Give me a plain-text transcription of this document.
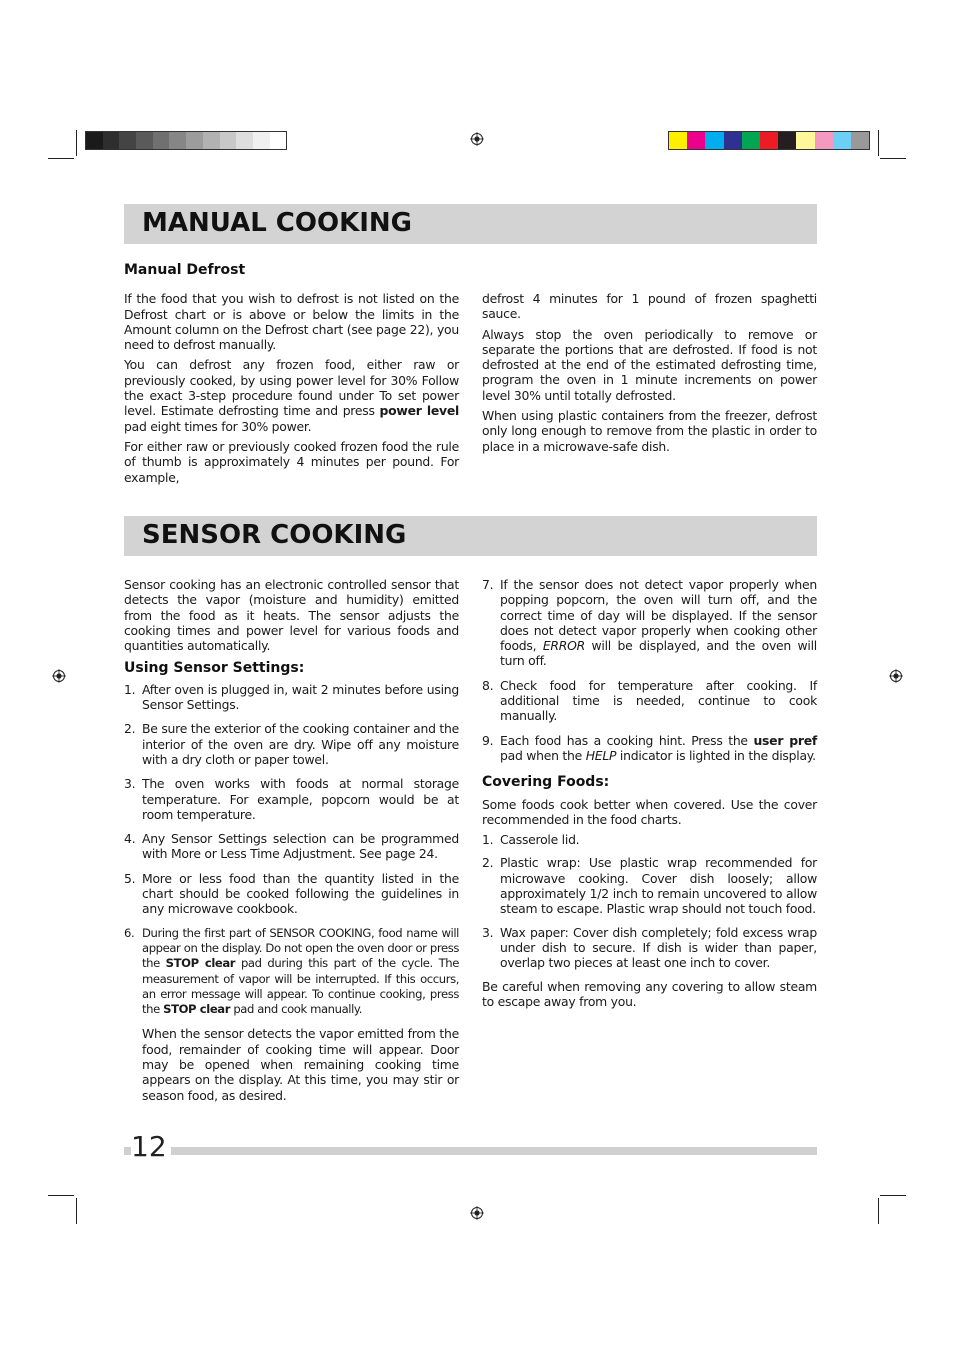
MANUAL COOKING
Manual Defrost

If the food that you wish to defrost is not listed on the Defrost chart or is above or below the limits in the Amount column on the Defrost chart (see page 22), you need to defrost manually.

You can defrost any frozen food, either raw or previously cooked, by using power level for 30% Follow the exact 3-step procedure found under To set power level. Estimate defrosting time and press power level pad eight times for 30% power.

For either raw or previously cooked frozen food the rule of thumb is approximately 4 minutes per pound. For example,

defrost 4 minutes for 1 pound of frozen spaghetti sauce.

Always stop the oven periodically to remove or separate the portions that are defrosted. If food is not defrosted at the end of the estimated defrosting time, program the oven in 1 minute increments on power level 30% until totally defrosted.

When using plastic containers from the freezer, defrost only long enough to remove from the plastic in order to place in a microwave-safe dish.

SENSOR COOKING

Sensor cooking has an electronic controlled sensor that detects the vapor (moisture and humidity) emitted from the food as it heats. The sensor adjusts the cooking times and power level for various foods and quantities automatically.

Using Sensor Settings:
1. After oven is plugged in, wait 2 minutes before using Sensor Settings.
2. Be sure the exterior of the cooking container and the interior of the oven are dry. Wipe off any moisture with a dry cloth or paper towel.
3. The oven works with foods at normal storage temperature. For example, popcorn would be at room temperature.
4. Any Sensor Settings selection can be programmed with More or Less Time Adjustment. See page 24.
5. More or less food than the quantity listed in the chart should be cooked following the guidelines in any microwave cookbook.
6. During the first part of SENSOR COOKING, food name will appear on the display. Do not open the oven door or press the STOP clear pad during this part of the cycle. The measurement of vapor will be interrupted. If this occurs, an error message will appear. To continue cooking, press the STOP clear pad and cook manually.

When the sensor detects the vapor emitted from the food, remainder of cooking time will appear. Door may be opened when remaining cooking time appears on the display. At this time, you may stir or season food, as desired.

7. If the sensor does not detect vapor properly when popping popcorn, the oven will turn off, and the correct time of day will be displayed. If the sensor does not detect vapor properly when cooking other foods, ERROR will be displayed, and the oven will turn off.
8. Check food for temperature after cooking. If additional time is needed, continue to cook manually.
9. Each food has a cooking hint. Press the user pref pad when the HELP indicator is lighted in the display.
Covering Foods:

Some foods cook better when covered. Use the cover recommended in the food charts.

1. Casserole lid.
2. Plastic wrap: Use plastic wrap recommended for microwave cooking. Cover dish loosely; allow approximately 1/2 inch to remain uncovered to allow steam to escape. Plastic wrap should not touch food.
3. Wax paper: Cover dish completely; fold excess wrap under dish to secure. If dish is wider than paper, overlap two pieces at least one inch to cover.

Be careful when removing any covering to allow steam to escape away from you.

12
